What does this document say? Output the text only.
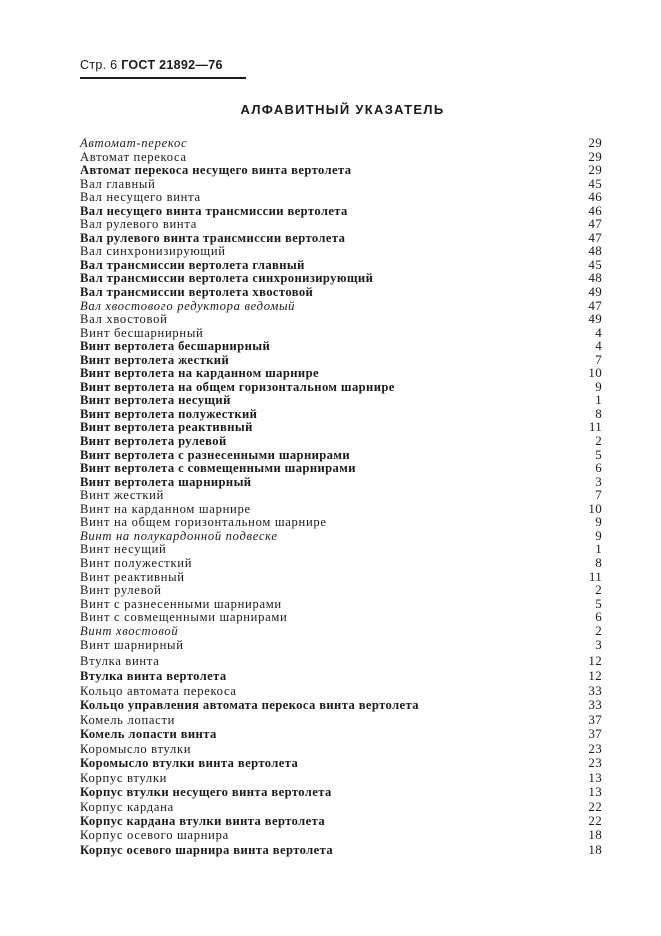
Стр. 6 ГОСТ 21892—76
АЛФАВИТНЫЙ УКАЗАТЕЛЬ
Автомат-перекос	29
Автомат перекоса	29
Автомат перекоса несущего винта вертолета	29
Вал главный	45
Вал несущего винта	46
Вал несущего винта трансмиссии вертолета	46
Вал рулевого винта	47
Вал рулевого винта трансмиссии вертолета	47
Вал синхронизирующий	48
Вал трансмиссии вертолета главный	45
Вал трансмиссии вертолета синхронизирующий	48
Вал трансмиссии вертолета хвостовой	49
Вал хвостового редуктора ведомый	47
Вал хвостовой	49
Винт бесшарнирный	4
Винт вертолета бесшарнирный	4
Винт вертолета жесткий	7
Винт вертолета на карданном шарнире	10
Винт вертолета на общем горизонтальном шарнире	9
Винт вертолета несущий	1
Винт вертолета полужесткий	8
Винт вертолета реактивный	11
Винт вертолета рулевой	2
Винт вертолета с разнесенными шарнирами	5
Винт вертолета с совмещенными шарнирами	6
Винт вертолета шарнирный	3
Винт жесткий	7
Винт на карданном шарнире	10
Винт на общем горизонтальном шарнире	9
Винт на полукардонной подвеске	9
Винт несущий	1
Винт полужесткий	8
Винт реактивный	11
Винт рулевой	2
Винт с разнесенными шарнирами	5
Винт с совмещенными шарнирами	6
Винт хвостовой	2
Винт шарнирный	3
Втулка винта	12
Втулка винта вертолета	12
Кольцо автомата перекоса	33
Кольцо управления автомата перекоса винта вертолета	33
Комель лопасти	37
Комель лопасти винта	37
Коромысло втулки	23
Коромысло втулки винта вертолета	23
Корпус втулки	13
Корпус втулки несущего винта вертолета	13
Корпус кардана	22
Корпус кардана втулки винта вертолета	22
Корпус осевого шарнира	18
Корпус осевого шарнира винта вертолета	18
